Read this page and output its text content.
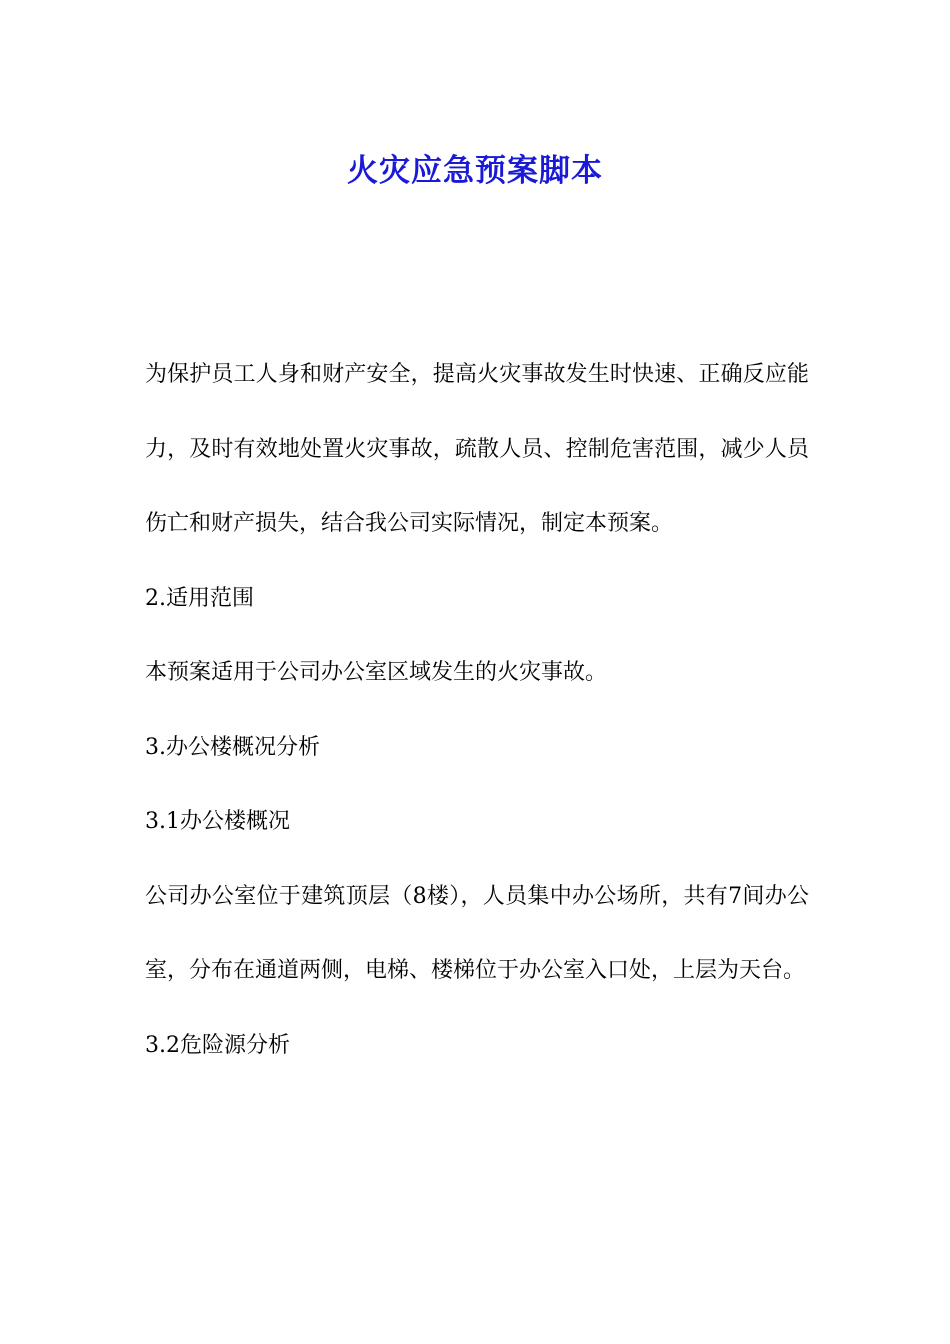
火灾应急预案脚本

为保护员工人身和财产安全，提高火灾事故发生时快速、正确反应能力，及时有效地处置火灾事故，疏散人员、控制危害范围，减少人员伤亡和财产损失，结合我公司实际情况，制定本预案。

2.适用范围

本预案适用于公司办公室区域发生的火灾事故。

3.办公楼概况分析

3.1办公楼概况

公司办公室位于建筑顶层（8楼），人员集中办公场所，共有7间办公室，分布在通道两侧，电梯、楼梯位于办公室入口处，上层为天台。

3.2危险源分析
